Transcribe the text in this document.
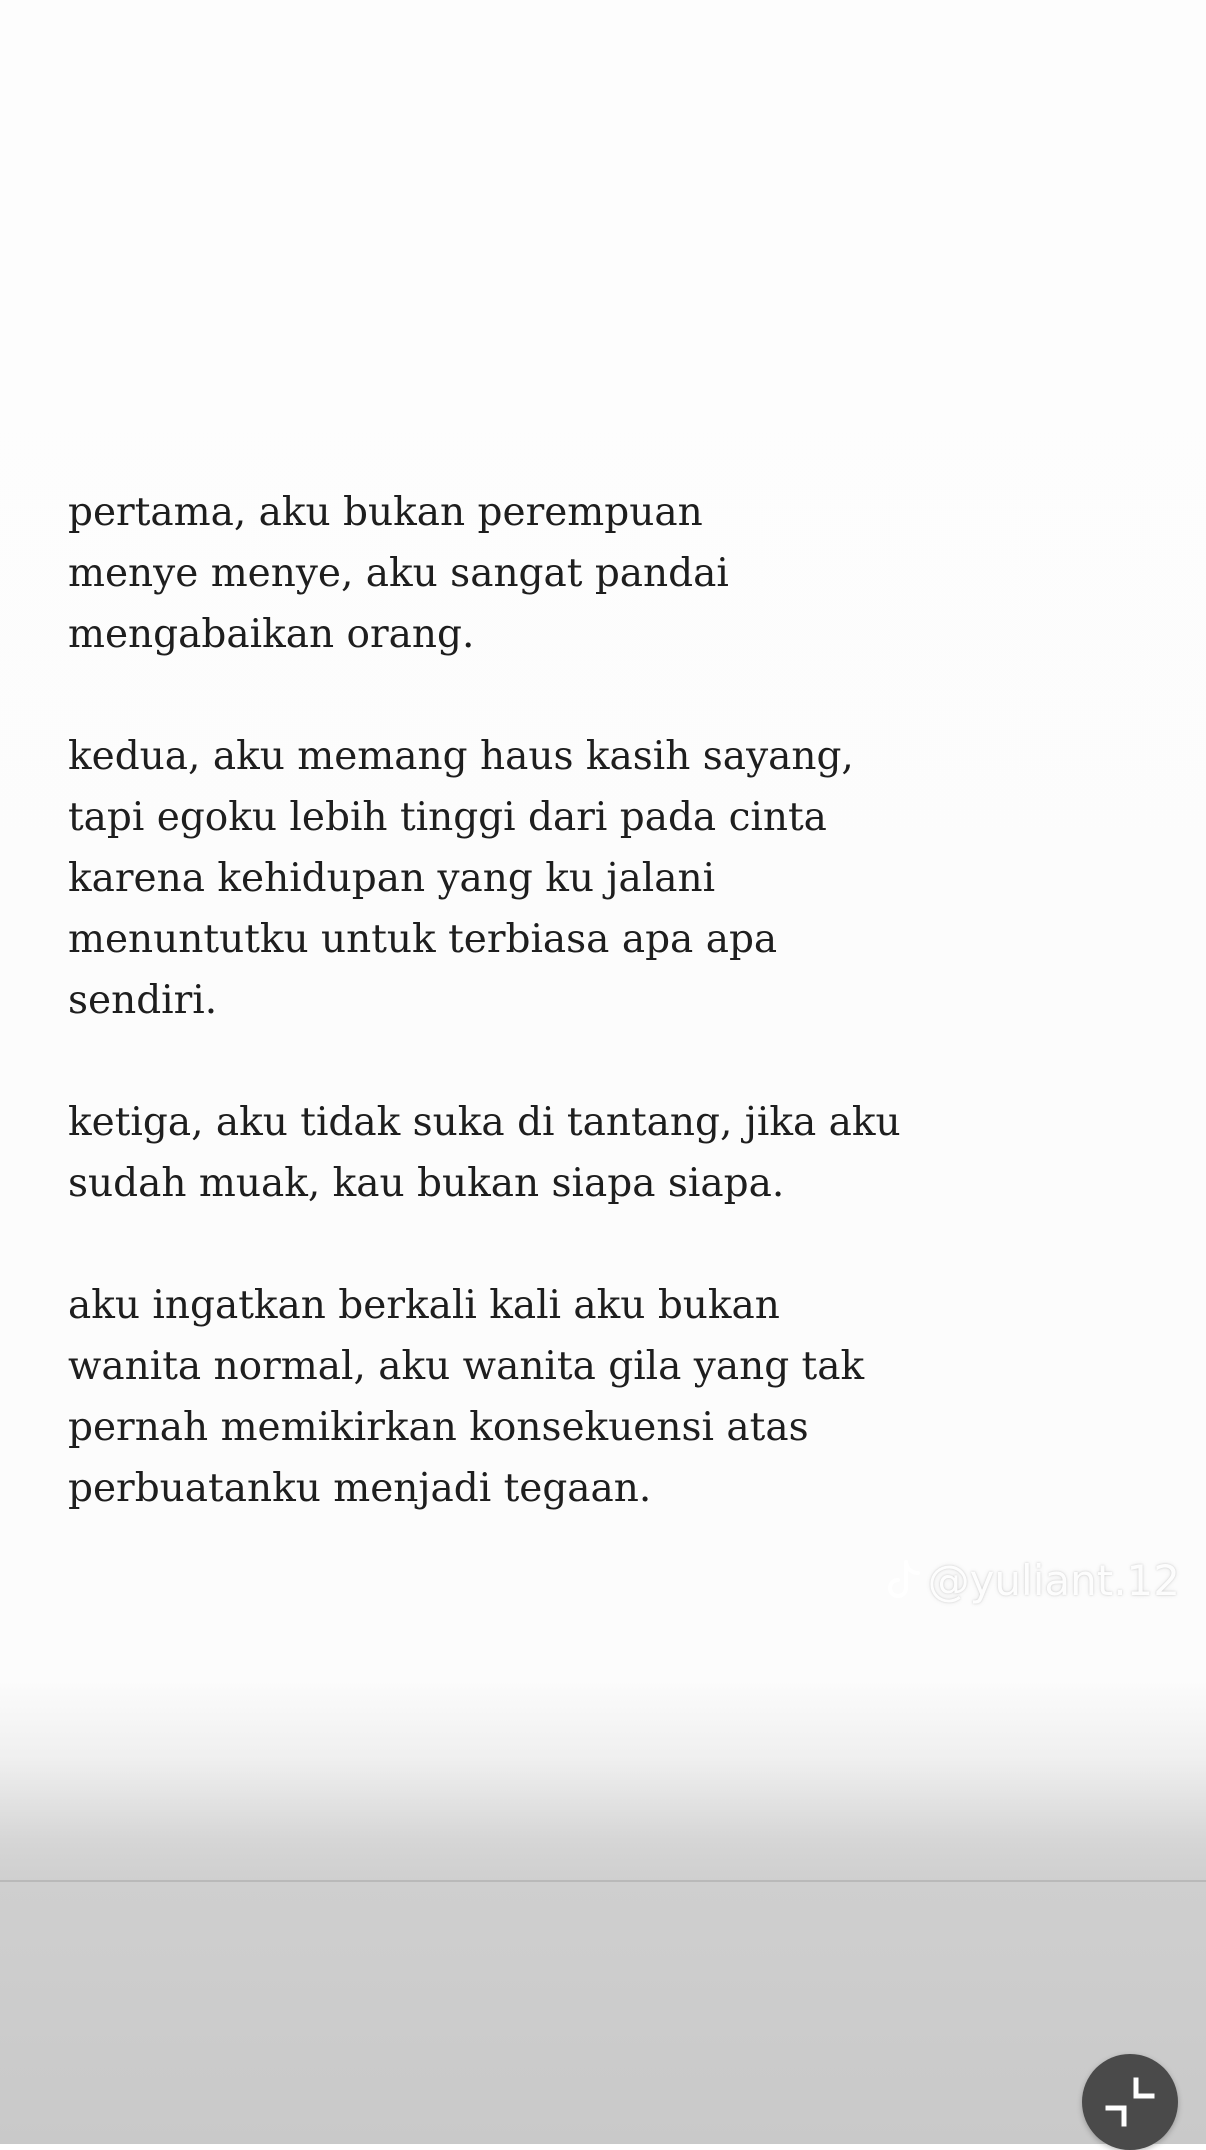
pertama, aku bukan perempuan
menye menye, aku sangat pandai
mengabaikan orang.

kedua, aku memang haus kasih sayang,
tapi egoku lebih tinggi dari pada cinta
karena kehidupan yang ku jalani
menuntutku untuk terbiasa apa apa
sendiri.

ketiga, aku tidak suka di tantang, jika aku
sudah muak, kau bukan siapa siapa.

aku ingatkan berkali kali aku bukan
wanita normal, aku wanita gila yang tak
pernah memikirkan konsekuensi atas
perbuatanku menjadi tegaan.

@yuliant.12
